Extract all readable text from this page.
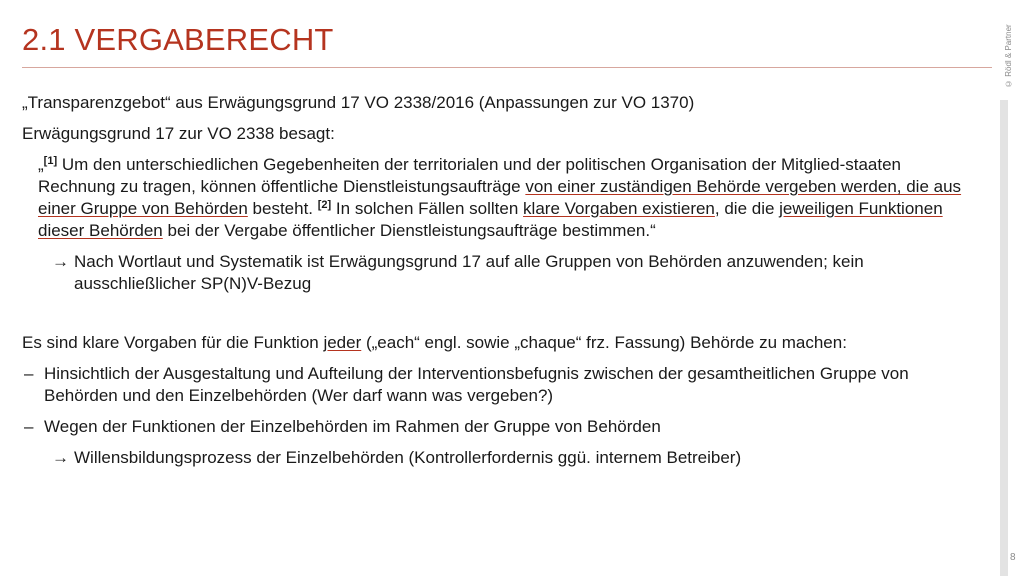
2.1 VERGABERECHT	© Rödl & Partner
8

„Transparenzgebot“ aus Erwägungsgrund 17 VO 2338/2016 (Anpassungen zur VO 1370)

Erwägungsgrund 17 zur VO 2338 besagt:

„[1] Um den unterschiedlichen Gegebenheiten der territorialen und der politischen Organisation der Mitglied-staaten Rechnung zu tragen, können öffentliche Dienstleistungsaufträge von einer zuständigen Behörde vergeben werden, die aus einer Gruppe von Behörden besteht. [2] In solchen Fällen sollten klare Vorgaben existieren, die die jeweiligen Funktionen dieser Behörden bei der Vergabe öffentlicher Dienstleistungsaufträge bestimmen.“

→ Nach Wortlaut und Systematik ist Erwägungsgrund 17 auf alle Gruppen von Behörden anzuwenden; kein ausschließlicher SP(N)V-Bezug

Es sind klare Vorgaben für die Funktion jeder („each“ engl. sowie „chaque“ frz. Fassung) Behörde zu machen:

– Hinsichtlich der Ausgestaltung und Aufteilung der Interventionsbefugnis zwischen der gesamtheitlichen Gruppe von Behörden und den Einzelbehörden (Wer darf wann was vergeben?)
– Wegen der Funktionen der Einzelbehörden im Rahmen der Gruppe von Behörden
→ Willensbildungsprozess der Einzelbehörden (Kontrollerfordernis ggü. internem Betreiber)
